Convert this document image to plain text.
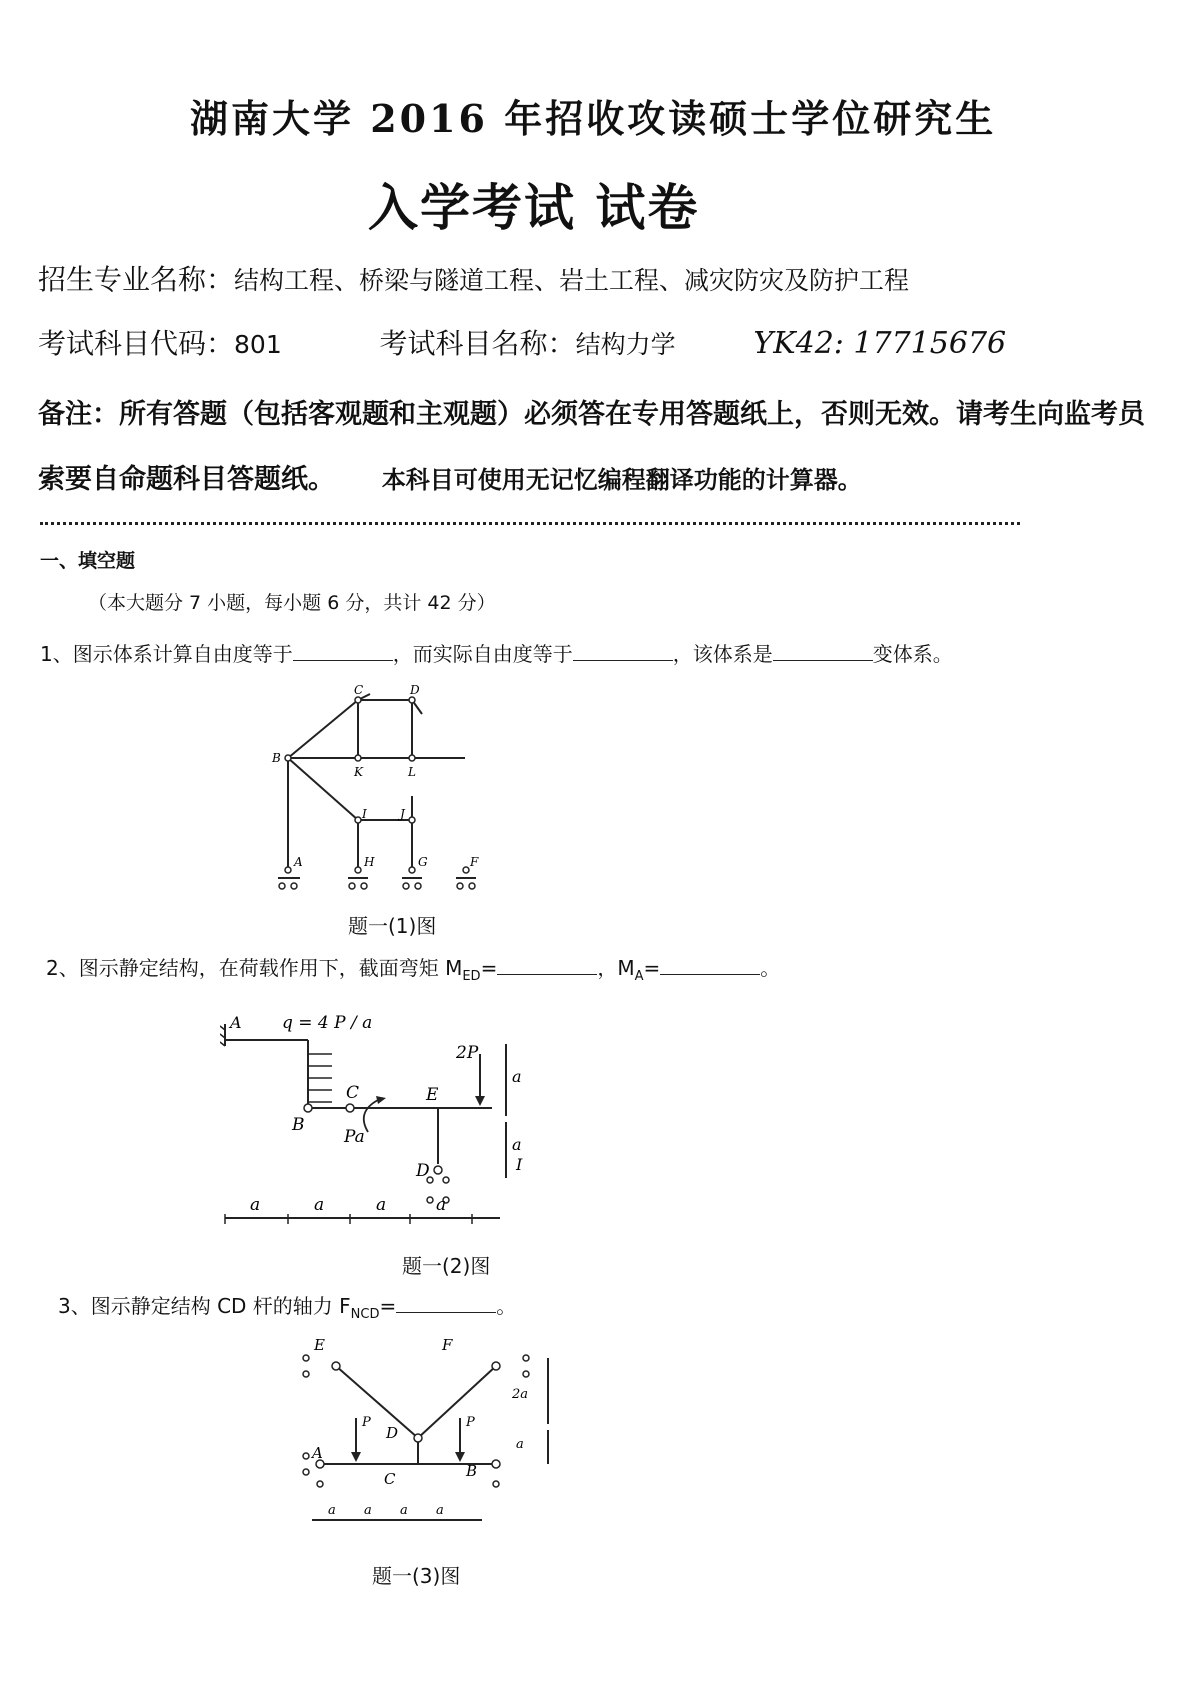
湖南大学 2016 年招收攻读硕士学位研究生
入学考试 试卷
招生专业名称：结构工程、桥梁与隧道工程、岩土工程、减灾防灾及防护工程
考试科目代码：801	考试科目名称：结构力学	YK42: 17715676
备注：所有答题（包括客观题和主观题）必须答在专用答题纸上，否则无效。请考生向监考员
索要自命题科目答题纸。 本科目可使用无记忆编程翻译功能的计算器。
一、填空题
（本大题分 7 小题，每小题 6 分，共计 42 分）
1、图示体系计算自由度等于	，而实际自由度等于	，该体系是	变体系。
C	D
B
K	L
I	J
A	H	G	F
题一(1)图
2、图示静定结构，在荷载作用下，截面弯矩 $M_{ED}=$	，$M_A=$	。
A q = 4 P / a
2P
a
a
C	E
B
Pa
D	I
a	a	a	a
题一(2)图
3、图示静定结构 CD 杆的轴力 $F_{NCD}=$	。
E	F
D
P	P
A
C	B
2a
a
a a a a
题一(3)图
